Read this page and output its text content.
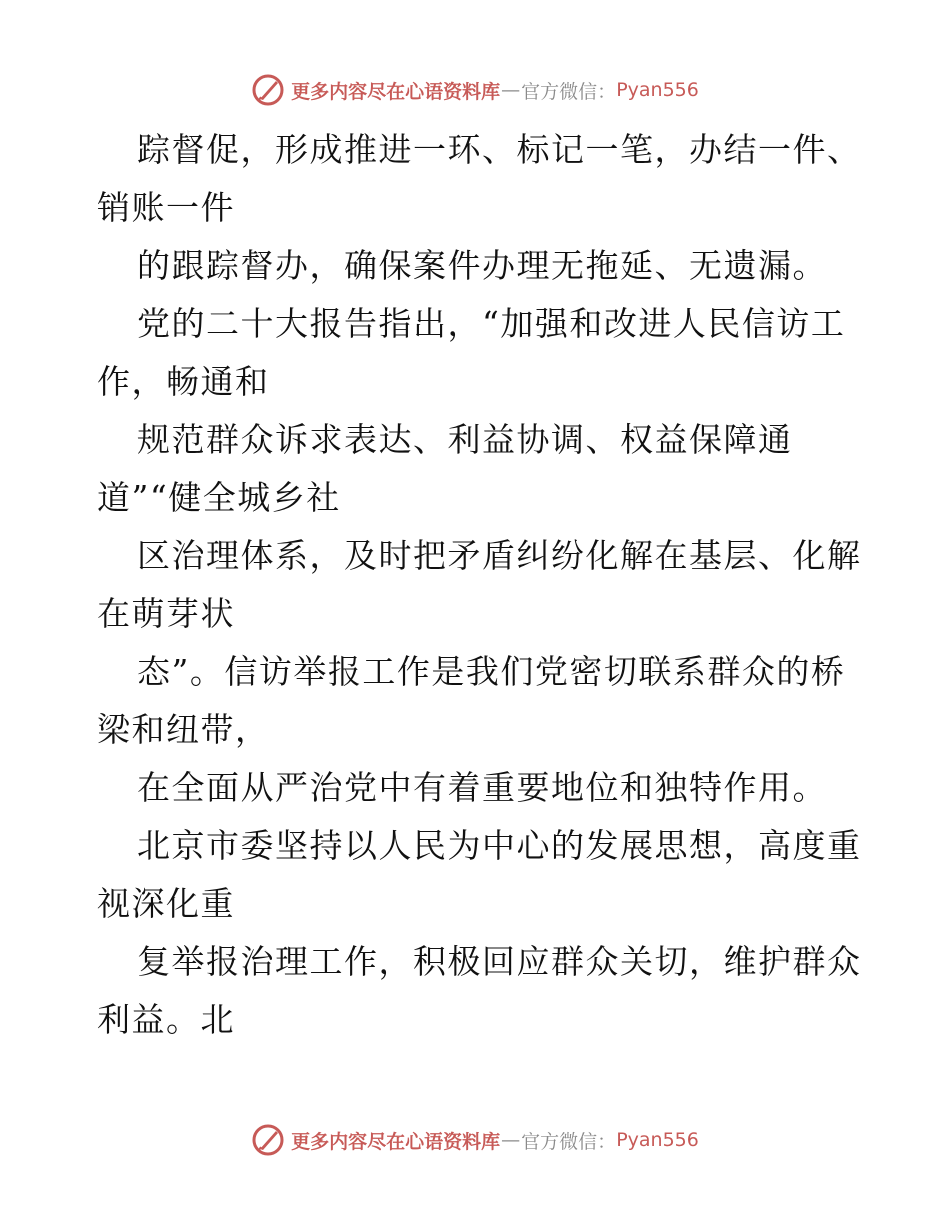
更多内容尽在心语资料库 — 官方微信： Pyan556
踪督促，形成推进一环、标记一笔，办结一件、
销账一件
的跟踪督办，确保案件办理无拖延、无遗漏。
党的二十大报告指出，“加强和改进人民信访工
作，畅通和
规范群众诉求表达、利益协调、权益保障通
道”“健全城乡社
区治理体系，及时把矛盾纠纷化解在基层、化解
在萌芽状
态”。信访举报工作是我们党密切联系群众的桥
梁和纽带，
在全面从严治党中有着重要地位和独特作用。
北京市委坚持以人民为中心的发展思想，高度重
视深化重
复举报治理工作，积极回应群众关切，维护群众
利益。北
更多内容尽在心语资料库 — 官方微信： Pyan556
